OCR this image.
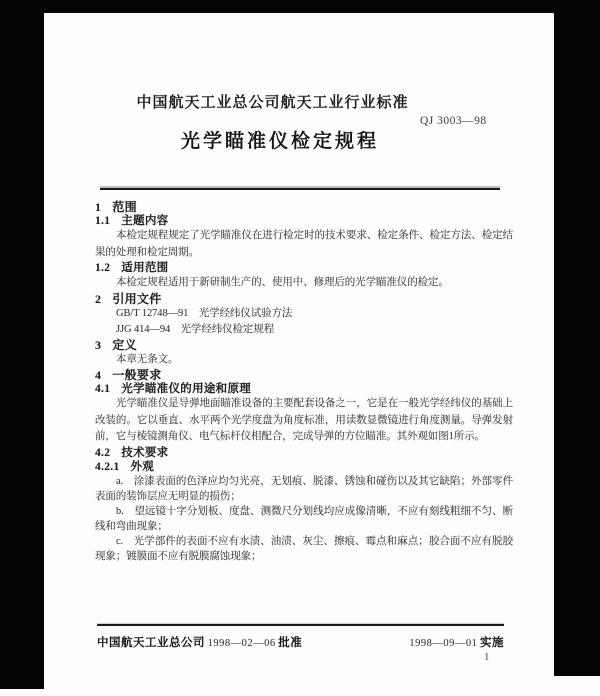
中国航天工业总公司航天工业行业标准
QJ 3003—98
光学瞄准仪检定规程

1 范围

1.1 主题内容

本检定规程规定了光学瞄准仪在进行检定时的技术要求、检定条件、检定方法、检定结果的处理和检定周期。

1.2 适用范围

本检定规程适用于新研制生产的、使用中、修理后的光学瞄准仪的检定。

2 引用文件

GB/T 12748—91　光学经纬仪试验方法

JJG 414—94　光学经纬仪检定规程

3 定义

本章无条文。

4 一般要求

4.1 光学瞄准仪的用途和原理

光学瞄准仪是导弹地面瞄准设备的主要配套设备之一，它是在一般光学经纬仪的基础上改装的。它以垂直、水平两个光学度盘为角度标准，用读数显微镜进行角度测量。导弹发射前，它与棱镜测角仪、电气标杆仪相配合，完成导弹的方位瞄准。其外观如图1所示。

4.2 技术要求

4.2.1 外观

a.　涂漆表面的色泽应均匀光亮，无划痕、脱漆、锈蚀和碰伤以及其它缺陷；外部零件表面的装饰层应无明显的损伤；

b.　望远镜十字分划板、度盘、测微尺分划线均应成像清晰，不应有刻线粗细不匀、断线和弯曲现象；

c.　光学部件的表面不应有水渍、油渍、灰尘、擦痕、霉点和麻点；胶合面不应有脱胶现象；镀膜面不应有脱膜腐蚀现象；

中国航天工业总公司 1998—02—06 批准	1998—09—01 实施
1
